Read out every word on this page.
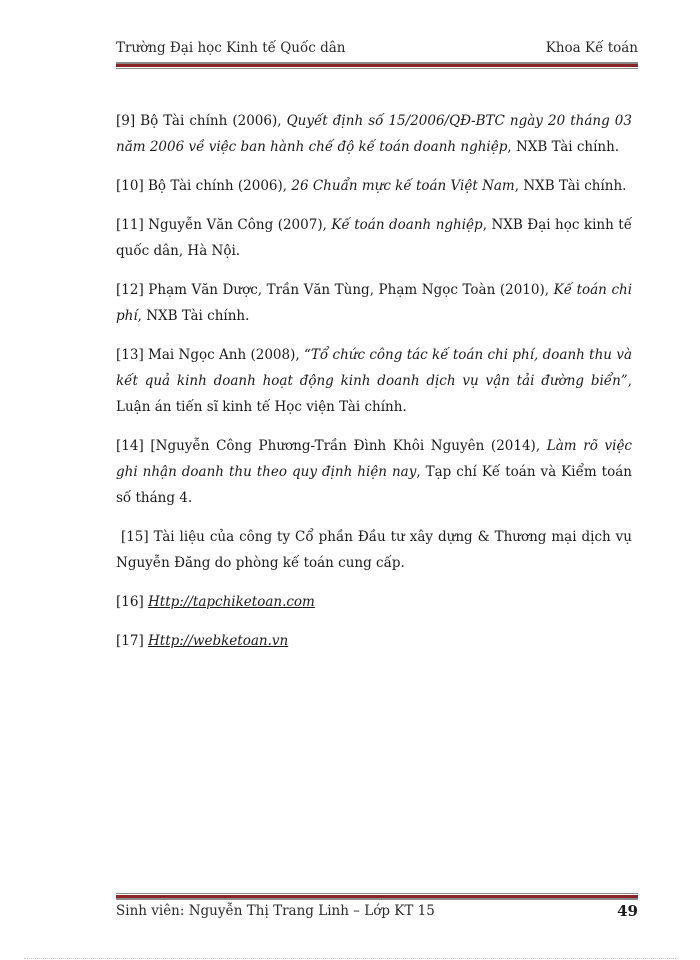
Trường Đại học Kinh tế Quốc dân	Khoa Kế toán

[9] Bộ Tài chính (2006), Quyết định số 15/2006/QĐ-BTC ngày 20 tháng 03 năm 2006 về việc ban hành chế độ kế toán doanh nghiệp, NXB Tài chính.

[10] Bộ Tài chính (2006), 26 Chuẩn mực kế toán Việt Nam, NXB Tài chính.

[11] Nguyễn Văn Công (2007), Kế toán doanh nghiệp, NXB Đại học kinh tế quốc dân, Hà Nội.

[12] Phạm Văn Dược, Trần Văn Tùng, Phạm Ngọc Toàn (2010), Kế toán chi phí, NXB Tài chính.

[13] Mai Ngọc Anh (2008), “Tổ chức công tác kế toán chi phí, doanh thu và kết quả kinh doanh hoạt động kinh doanh dịch vụ vận tải đường biển”, Luận án tiến sĩ kinh tế Học viện Tài chính.

[14] [Nguyễn Công Phương-Trần Đình Khôi Nguyên (2014), Làm rõ việc ghi nhận doanh thu theo quy định hiện nay, Tạp chí Kế toán và Kiểm toán số tháng 4.

[15] Tài liệu của công ty Cổ phần Đầu tư xây dựng & Thương mại dịch vụ Nguyễn Đăng do phòng kế toán cung cấp.

[16] Http://tapchiketoan.com

[17] Http://webketoan.vn

Sinh viên: Nguyễn Thị Trang Linh – Lớp KT 15	49
